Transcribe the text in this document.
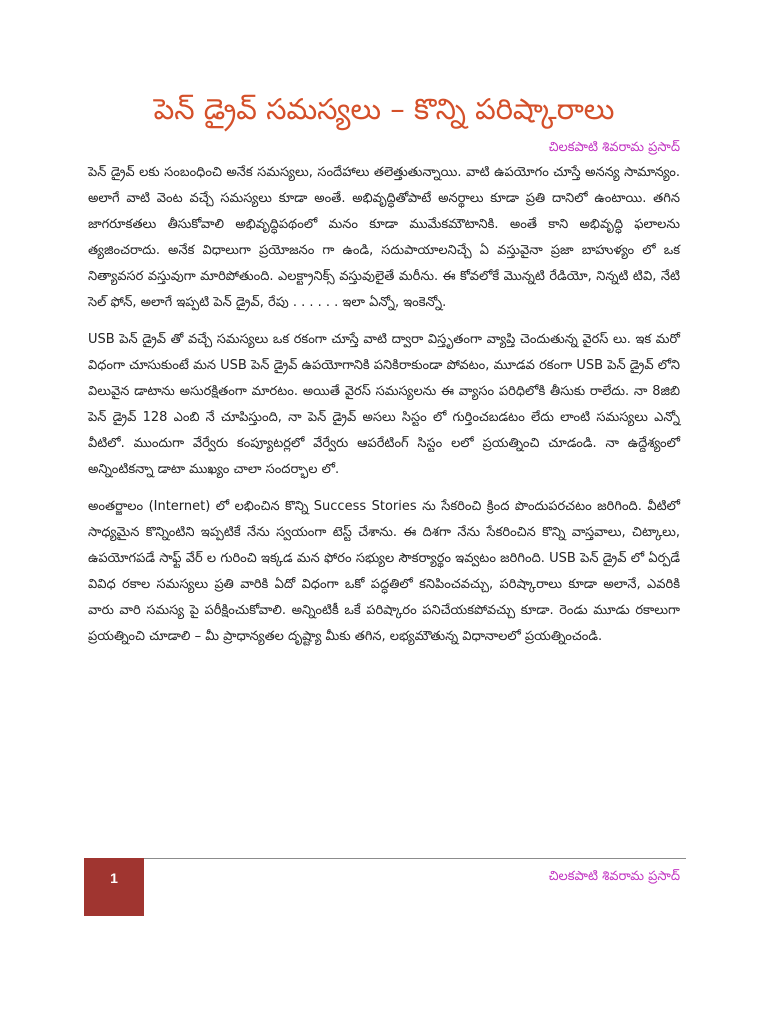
పెన్ డ్రైవ్ సమస్యలు – కొన్ని పరిష్కారాలు
చిలకపాటి శివరామ ప్రసాద్

పెన్ డ్రైవ్ లకు సంబంధించి అనేక సమస్యలు, సందేహాలు తలెత్తుతున్నాయి. వాటి ఉపయోగం చూస్తే అనన్య సామాన్యం. అలాగే వాటి వెంట వచ్చే సమస్యలు కూడా అంతే. అభివృద్ధితోపాటే అనర్థాలు కూడా ప్రతి దానిలో ఉంటాయి. తగిన జాగరూకతలు తీసుకోవాలి అభివృద్ధిపథంలో మనం కూడా ముమేకమౌటానికి. అంతే కాని అభివృద్ధి ఫలాలను త్యజించరాదు. అనేక విధాలుగా ప్రయోజనం గా ఉండి, సదుపాయాలనిచ్చే ఏ వస్తువైనా ప్రజా బాహుళ్యం లో ఒక నిత్యావసర వస్తువుగా మారిపోతుంది. ఎలక్ట్రానిక్స్ వస్తువులైతే మరీను. ఈ కోవలోకే మొన్నటి రేడియో, నిన్నటి టివి, నేటి సెల్ ఫోన్, అలాగే ఇప్పటి పెన్ డ్రైవ్, రేపు . . . . . . ఇలా ఏన్నో, ఇంకెన్నో.

USB పెన్ డ్రైవ్ తో వచ్చే సమస్యలు ఒక రకంగా చూస్తే వాటి ద్వారా విస్తృతంగా వ్యాప్తి చెందుతున్న వైరస్ లు. ఇక మరో విధంగా చూసుకుంటే మన USB పెన్ డ్రైవ్ ఉపయోగానికి పనికిరాకుండా పోవటం, మూడవ రకంగా USB పెన్ డ్రైవ్ లోని విలువైన డాటాను అసురక్షితంగా మారటం. అయితే వైరస్ సమస్యలను ఈ వ్యాసం పరిధిలోకి తీసుకు రాలేదు. నా 8జిబి పెన్ డ్రైవ్ 128 ఎంబి నే చూపిస్తుంది, నా పెన్ డ్రైవ్ అసలు సిస్టం లో గుర్తించబడటం లేదు లాంటి సమస్యలు ఎన్నో వీటిలో. ముందుగా వేర్వేరు కంప్యూటర్లలో వేర్వేరు ఆపరేటింగ్ సిస్టం లలో ప్రయత్నించి చూడండి. నా ఉద్దేశ్యంలో అన్నింటికన్నా డాటా ముఖ్యం చాలా సందర్భాల లో.

అంతర్జాలం (Internet) లో లభించిన కొన్ని Success Stories ను సేకరించి క్రింద పొందుపరచటం జరిగింది. వీటిలో సాధ్యమైన కొన్నింటిని ఇప్పటికే నేను స్వయంగా టెస్ట్ చేశాను. ఈ దిశగా నేను సేకరించిన కొన్ని వాస్తవాలు, చిట్కాలు, ఉపయోగపడే సాఫ్ట్ వేర్ ల గురించి ఇక్కడ మన ఫోరం సభ్యుల సౌకర్యార్థం ఇవ్వటం జరిగింది. USB పెన్ డ్రైవ్ లో ఏర్పడే వివిధ రకాల సమస్యలు ప్రతి వారికి ఏదో విధంగా ఒకో పద్ధతిలో కనిపించవచ్చు, పరిష్కారాలు కూడా అలానే, ఎవరికి వారు వారి సమస్య పై పరీక్షించుకోవాలి. అన్నింటికీ ఒకే పరిష్కారం పనిచేయకపోవచ్చు కూడా. రెండు మూడు రకాలుగా ప్రయత్నించి చూడాలి – మీ ప్రాధాన్యతల దృష్ట్యా మీకు తగిన, లభ్యమౌతున్న విధానాలలో ప్రయత్నించండి.

1	చిలకపాటి శివరామ ప్రసాద్
